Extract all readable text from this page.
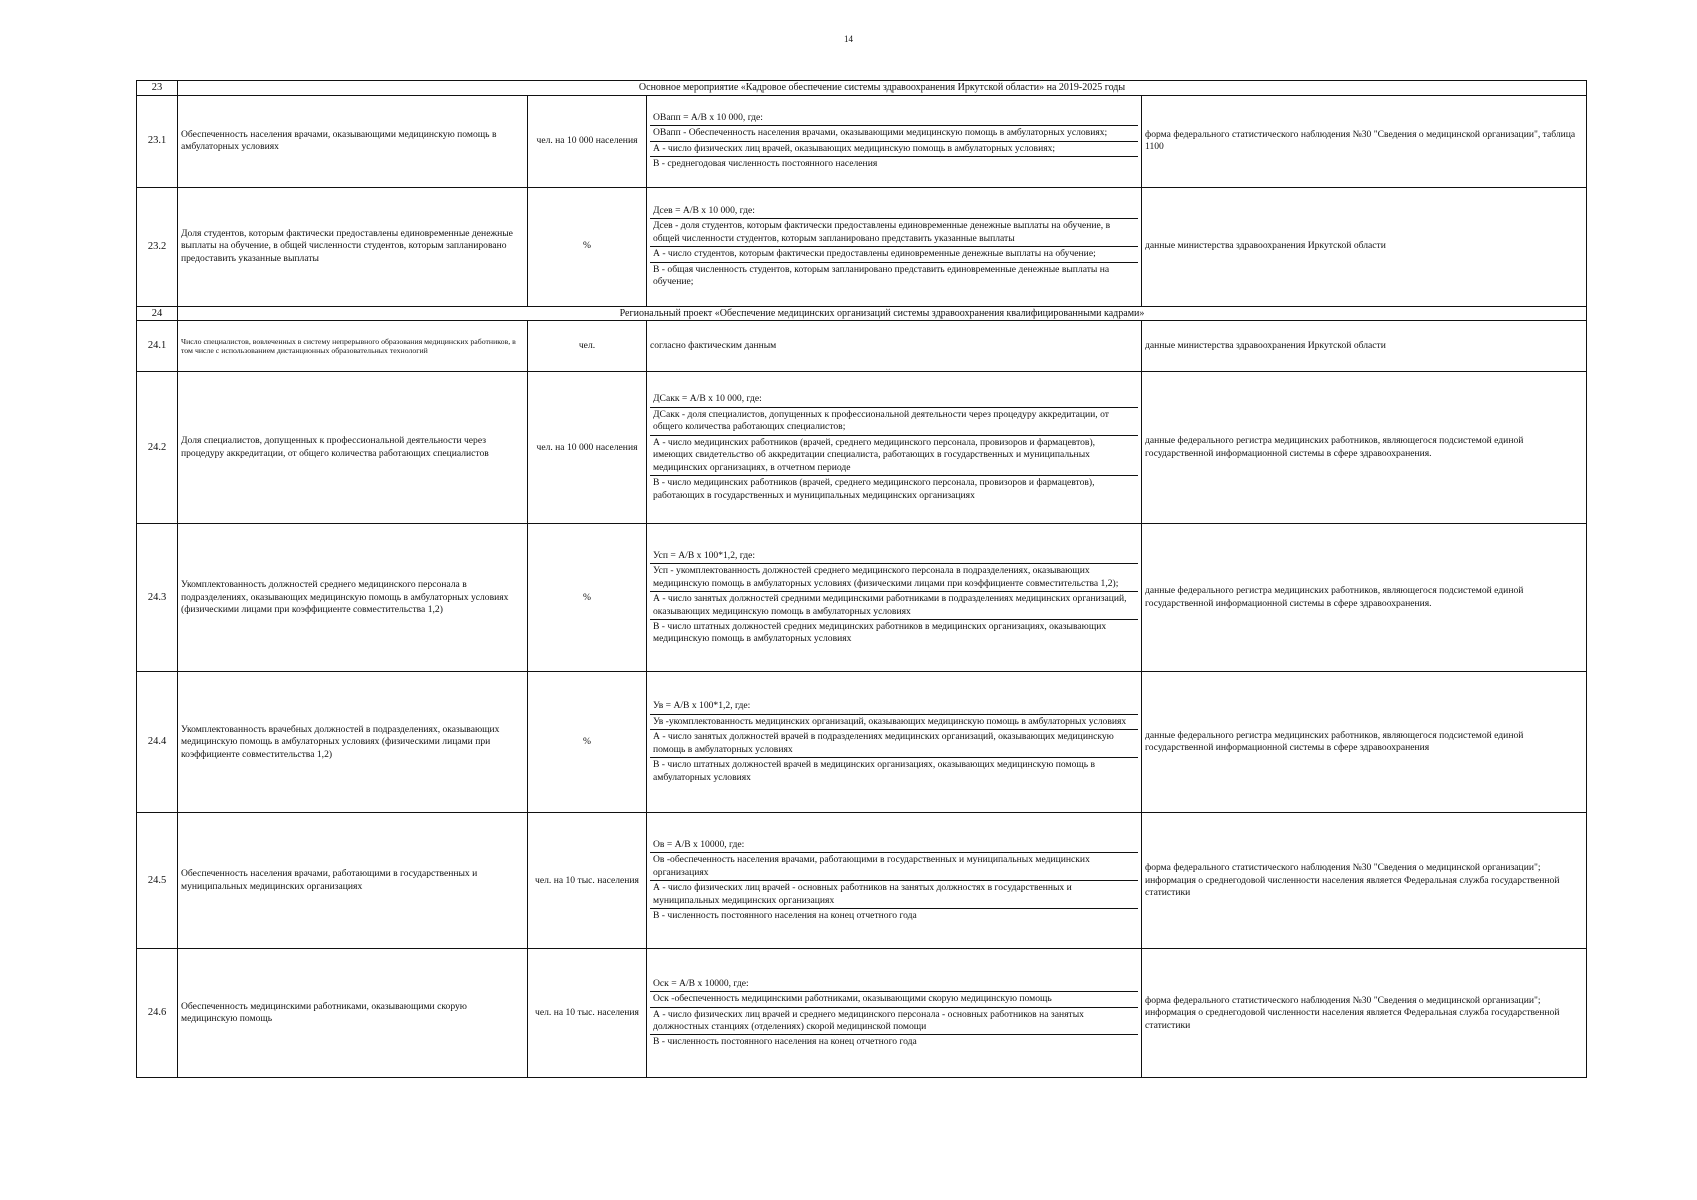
14
23	Основное мероприятие «Кадровое обеспечение системы здравоохранения Иркутской области» на 2019-2025 годы			
23.1	Обеспеченность населения врачами, оказывающими медицинскую помощь в амбулаторных условиях	чел. на 10 000 населения	ОВапп = А/В х 10 000, где:
ОВапп - Обеспеченность населения врачами, оказывающими медицинскую помощь в амбулаторных условиях;
А - число физических лиц врачей, оказывающих медицинскую помощь в амбулаторных условиях;
В - среднегодовая численность постоянного населения	форма федерального статистического наблюдения №30 "Сведения о медицинской организации", таблица 1100
23.2	Доля студентов, которым фактически предоставлены единовременные денежные выплаты на обучение, в общей численности студентов, которым запланировано предоставить указанные выплаты	%	Дсев = А/В х 10 000, где:
Дсев - доля студентов, которым фактически предоставлены единовременные денежные выплаты на обучение, в общей численности студентов, которым запланировано представить указанные выплаты
А - число студентов, которым фактически предоставлены единовременные денежные выплаты на обучение;
В - общая численность студентов, которым запланировано представить единовременные денежные выплаты на обучение;	данные министерства здравоохранения Иркутской области
24	Региональный проект «Обеспечение медицинских организаций системы здравоохранения квалифицированными кадрами»			
24.1	Число специалистов, вовлеченных в систему непрерывного образования медицинских работников, в том числе с использованием дистанционных образовательных технологий	чел.	согласно фактическим данным	данные министерства здравоохранения Иркутской области
24.2	Доля специалистов, допущенных к профессиональной деятельности через процедуру аккредитации, от общего количества работающих специалистов	чел. на 10 000 населения	ДСакк = А/В х 10 000, где:
ДСакк - доля специалистов, допущенных к профессиональной деятельности через процедуру аккредитации, от общего количества работающих специалистов;
А - число медицинских работников (врачей, среднего медицинского персонала, провизоров и фармацевтов), имеющих свидетельство об аккредитации специалиста, работающих в государственных и муниципальных медицинских организациях, в отчетном периоде
В - число медицинских работников (врачей, среднего медицинского персонала, провизоров и фармацевтов), работающих в государственных и муниципальных медицинских организациях	данные федерального регистра медицинских работников, являющегося подсистемой единой государственной информационной системы в сфере здравоохранения.
24.3	Укомплектованность должностей среднего медицинского персонала в подразделениях, оказывающих медицинскую помощь в амбулаторных условиях (физическими лицами при коэффициенте совместительства 1,2)	%	Усп = А/В х 100*1,2, где:
Усп - укомплектованность должностей среднего медицинского персонала в подразделениях, оказывающих медицинскую помощь в амбулаторных условиях (физическими лицами при коэффициенте совместительства 1,2);
А - число занятых должностей средними медицинскими работниками в подразделениях медицинских организаций, оказывающих медицинскую помощь в амбулаторных условиях
В - число штатных должностей средних медицинских работников в медицинских организациях, оказывающих медицинскую помощь в амбулаторных условиях	данные федерального регистра медицинских работников, являющегося подсистемой единой государственной информационной системы в сфере здравоохранения.
24.4	Укомплектованность врачебных должностей в подразделениях, оказывающих медицинскую помощь в амбулаторных условиях (физическими лицами при коэффициенте совместительства 1,2)	%	Ув = А/В х 100*1,2, где:
Ув -укомплектованность медицинских организаций, оказывающих медицинскую помощь в амбулаторных условиях
А - число занятых должностей врачей в подразделениях медицинских организаций, оказывающих медицинскую помощь в амбулаторных условиях
В - число штатных должностей врачей в медицинских организациях, оказывающих медицинскую помощь в амбулаторных условиях	данные федерального регистра медицинских работников, являющегося подсистемой единой государственной информационной системы в сфере здравоохранения
24.5	Обеспеченность населения врачами, работающими в государственных и муниципальных медицинских организациях	чел. на 10 тыс. населения	Ов = А/В х 10000, где:
Ов -обеспеченность населения врачами, работающими в государственных и муниципальных медицинских организациях
А - число физических лиц врачей - основных работников на занятых должностях в государственных и муниципальных медицинских организациях
В - численность постоянного населения на конец отчетного года	форма федерального статистического наблюдения №30 "Сведения о медицинской организации"; информация о среднегодовой численности населения является Федеральная служба государственной статистики
24.6	Обеспеченность медицинскими работниками, оказывающими скорую медицинскую помощь	чел. на 10 тыс. населения	Оск = А/В х 10000, где:
Оск -обеспеченность медицинскими работниками, оказывающими скорую медицинскую помощь
А - число физических лиц врачей и среднего медицинского персонала - основных работников на занятых должностных станциях (отделениях) скорой медицинской помощи
В - численность постоянного населения на конец отчетного года	форма федерального статистического наблюдения №30 "Сведения о медицинской организации"; информация о среднегодовой численности населения является Федеральная служба государственной статистики
